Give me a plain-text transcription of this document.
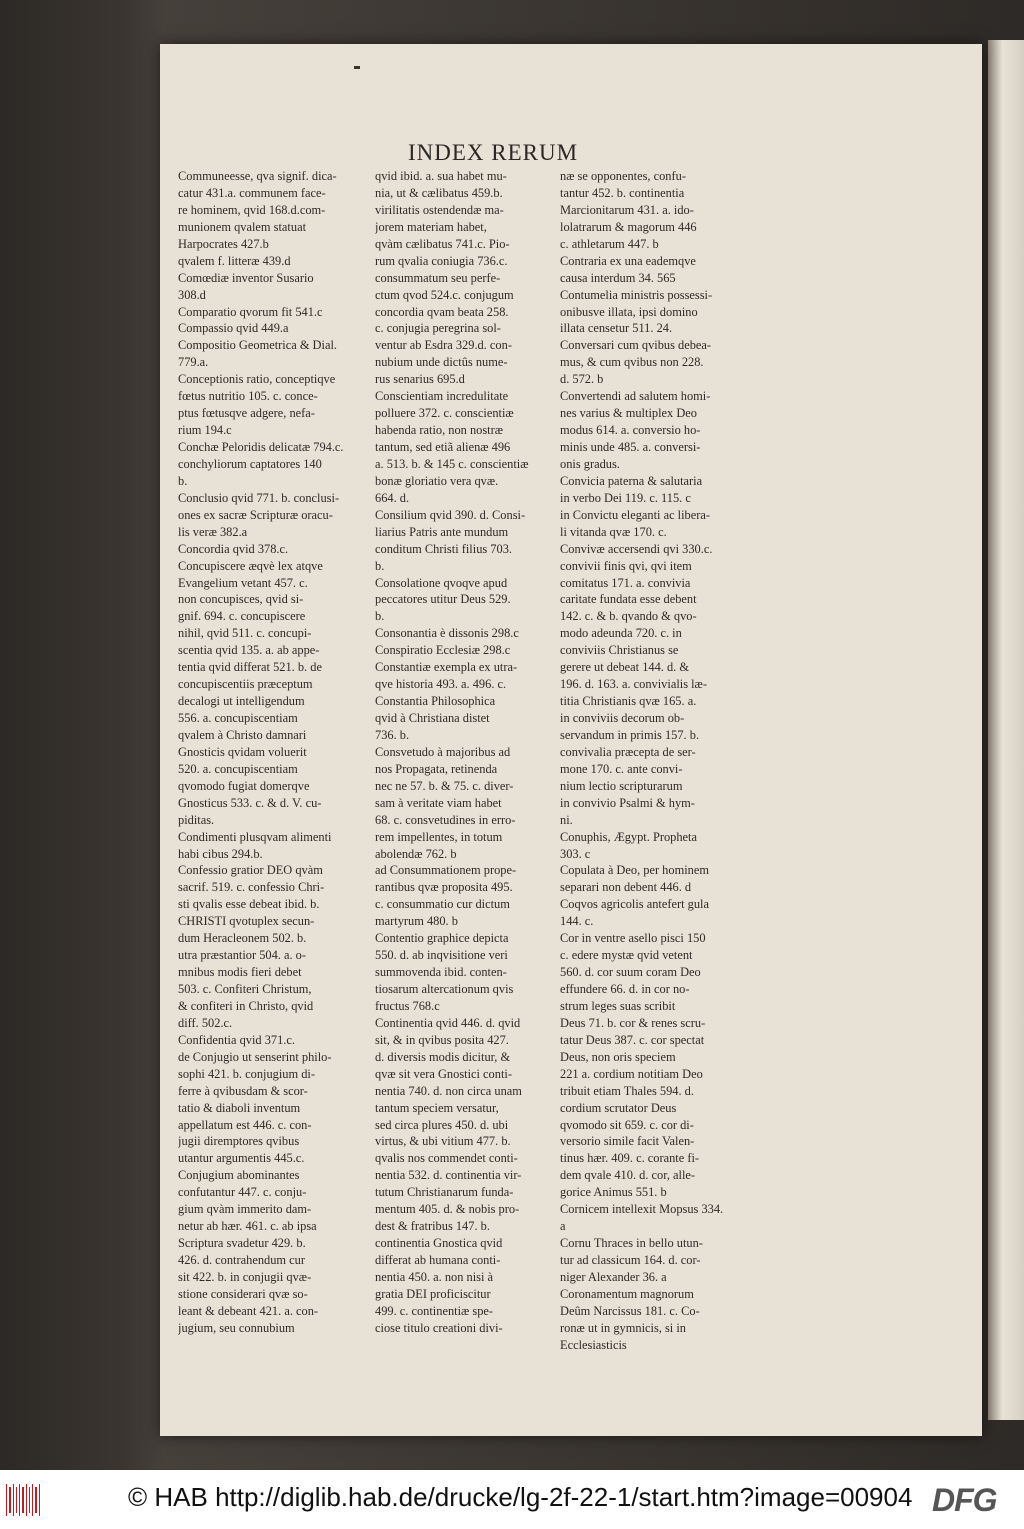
INDEX RERUM
Communeesse, qva signif. dica-
catur 431.a. communem face-
re hominem, qvid 168.d.com-
munionem qvalem statuat
Harpocrates 427.b
qvalem f. litteræ 439.d
Comœdiæ inventor Susario
308.d
Comparatio qvorum fit 541.c
Compassio qvid 449.a
Compositio Geometrica & Dial.
779.a.
Conceptionis ratio, conceptiqve
fœtus nutritio 105. c. conce-
ptus fœtusqve adgere, nefa-
rium 194.c
Conchæ Peloridis delicatæ 794.c.
conchyliorum captatores 140
b.
Conclusio qvid 771. b. conclusi-
ones ex sacræ Scripturæ oracu-
lis veræ 382.a
Concordia qvid 378.c.
Concupiscere æqvè lex atqve
Evangelium vetant 457. c.
non concupisces, qvid si-
gnif. 694. c. concupiscere
nihil, qvid 511. c. concupi-
scentia qvid 135. a. ab appe-
tentia qvid differat 521. b. de
concupiscentiis præceptum
decalogi ut intelligendum
556. a. concupiscentiam
qvalem à Christo damnari
Gnosticis qvidam voluerit
520. a. concupiscentiam
qvomodo fugiat domerqve
Gnosticus 533. c. & d. V. cu-
piditas.
Condimenti plusqvam alimenti
habi cibus 294.b.
Confessio gratior DEO qvàm
sacrif. 519. c. confessio Chri-
sti qvalis esse debeat ibid. b.
CHRISTI qvotuplex secun-
dum Heracleonem 502. b.
utra præstantior 504. a. o-
mnibus modis fieri debet
503. c. Confiteri Christum,
& confiteri in Christo, qvid
diff. 502.c.
Confidentia qvid 371.c.
de Conjugio ut senserint philo-
sophi 421. b. conjugium di-
ferre à qvibusdam & scor-
tatio & diaboli inventum
appellatum est 446. c. con-
jugii diremptores qvibus
utantur argumentis 445.c.
Conjugium abominantes
confutantur 447. c. conju-
gium qvàm immerito dam-
netur ab hær. 461. c. ab ipsa
Scriptura svadetur 429. b.
426. d. contrahendum cur
sit 422. b. in conjugii qvæ-
stione considerari qvæ so-
leant & debeant 421. a. con-
jugium, seu connubium
qvid ibid. a. sua habet mu-
nia, ut & cælibatus 459.b.
virilitatis ostendendæ ma-
jorem materiam habet,
qvàm cælibatus 741.c. Pio-
rum qvalia coniugia 736.c.
consummatum seu perfe-
ctum qvod 524.c. conjugum
concordia qvam beata 258.
c. conjugia peregrina sol-
ventur ab Esdra 329.d. con-
nubium unde dictûs nume-
rus senarius 695.d
Conscientiam incredulitate
polluere 372. c. conscientiæ
habenda ratio, non nostræ
tantum, sed etiã alienæ 496
a. 513. b. & 145 c. conscientiæ
bonæ gloriatio vera qvæ.
664. d.
Consilium qvid 390. d. Consi-
liarius Patris ante mundum
conditum Christi filius 703.
b.
Consolatione qvoqve apud
peccatores utitur Deus 529.
b.
Consonantia è dissonis 298.c
Conspiratio Ecclesiæ 298.c
Constantiæ exempla ex utra-
qve historia 493. a. 496. c.
Constantia Philosophica
qvid à Christiana distet
736. b.
Consvetudo à majoribus ad
nos Propagata, retinenda
nec ne 57. b. & 75. c. diver-
sam à veritate viam habet
68. c. consvetudines in erro-
rem impellentes, in totum
abolendæ 762. b
ad Consummationem prope-
rantibus qvæ proposita 495.
c. consummatio cur dictum
martyrum 480. b
Contentio graphice depicta
550. d. ab inqvisitione veri
summovenda ibid. conten-
tiosarum altercationum qvis
fructus 768.c
Continentia qvid 446. d. qvid
sit, & in qvibus posita 427.
d. diversis modis dicitur, &
qvæ sit vera Gnostici conti-
nentia 740. d. non circa unam
tantum speciem versatur,
sed circa plures 450. d. ubi
virtus, & ubi vitium 477. b.
qvalis nos commendet conti-
nentia 532. d. continentia vir-
tutum Christianarum funda-
mentum 405. d. & nobis pro-
dest & fratribus 147. b.
continentia Gnostica qvid
differat ab humana conti-
nentia 450. a. non nisi à
gratia DEI proficiscitur
499. c. continentiæ spe-
ciose titulo creationi divi-
næ se opponentes, confu-
tantur 452. b. continentia
Marcionitarum 431. a. ido-
lolatrarum & magorum 446
c. athletarum 447. b
Contraria ex una eademqve
causa interdum 34. 565
Contumelia ministris possessi-
onibusve illata, ipsi domino
illata censetur 511. 24.
Conversari cum qvibus debea-
mus, & cum qvibus non 228.
d. 572. b
Convertendi ad salutem homi-
nes varius & multiplex Deo
modus 614. a. conversio ho-
minis unde 485. a. conversi-
onis gradus.
Convicia paterna & salutaria
in verbo Dei 119. c. 115. c
in Convictu eleganti ac libera-
li vitanda qvæ 170. c.
Convivæ accersendi qvi 330.c.
convivii finis qvi, qvi item
comitatus 171. a. convivia
caritate fundata esse debent
142. c. & b. qvando & qvo-
modo adeunda 720. c. in
conviviis Christianus se
gerere ut debeat 144. d. &
196. d. 163. a. convivialis læ-
titia Christianis qvæ 165. a.
in conviviis decorum ob-
servandum in primis 157. b.
convivalia præcepta de ser-
mone 170. c. ante convi-
nium lectio scripturarum
in convivio Psalmi & hym-
ni.
Conuphis, Ægypt. Propheta
303. c
Copulata à Deo, per hominem
separari non debent 446. d
Coqvos agricolis antefert gula
144. c.
Cor in ventre asello pisci 150
c. edere mystæ qvid vetent
560. d. cor suum coram Deo
effundere 66. d. in cor no-
strum leges suas scribit
Deus 71. b. cor & renes scru-
tatur Deus 387. c. cor spectat
Deus, non oris speciem
221 a. cordium notitiam Deo
tribuit etiam Thales 594. d.
cordium scrutator Deus
qvomodo sit 659. c. cor di-
versorio simile facit Valen-
tinus hær. 409. c. corante fi-
dem qvale 410. d. cor, alle-
gorice Animus 551. b
Cornicem intellexit Mopsus 334.
a
Cornu Thraces in bello utun-
tur ad classicum 164. d. cor-
niger Alexander 36. a
Coronamentum magnorum
Deûm Narcissus 181. c. Co-
ronæ ut in gymnicis, si in
Ecclesiasticis
© HAB http://diglib.hab.de/drucke/lg-2f-22-1/start.htm?image=00904 DFG
